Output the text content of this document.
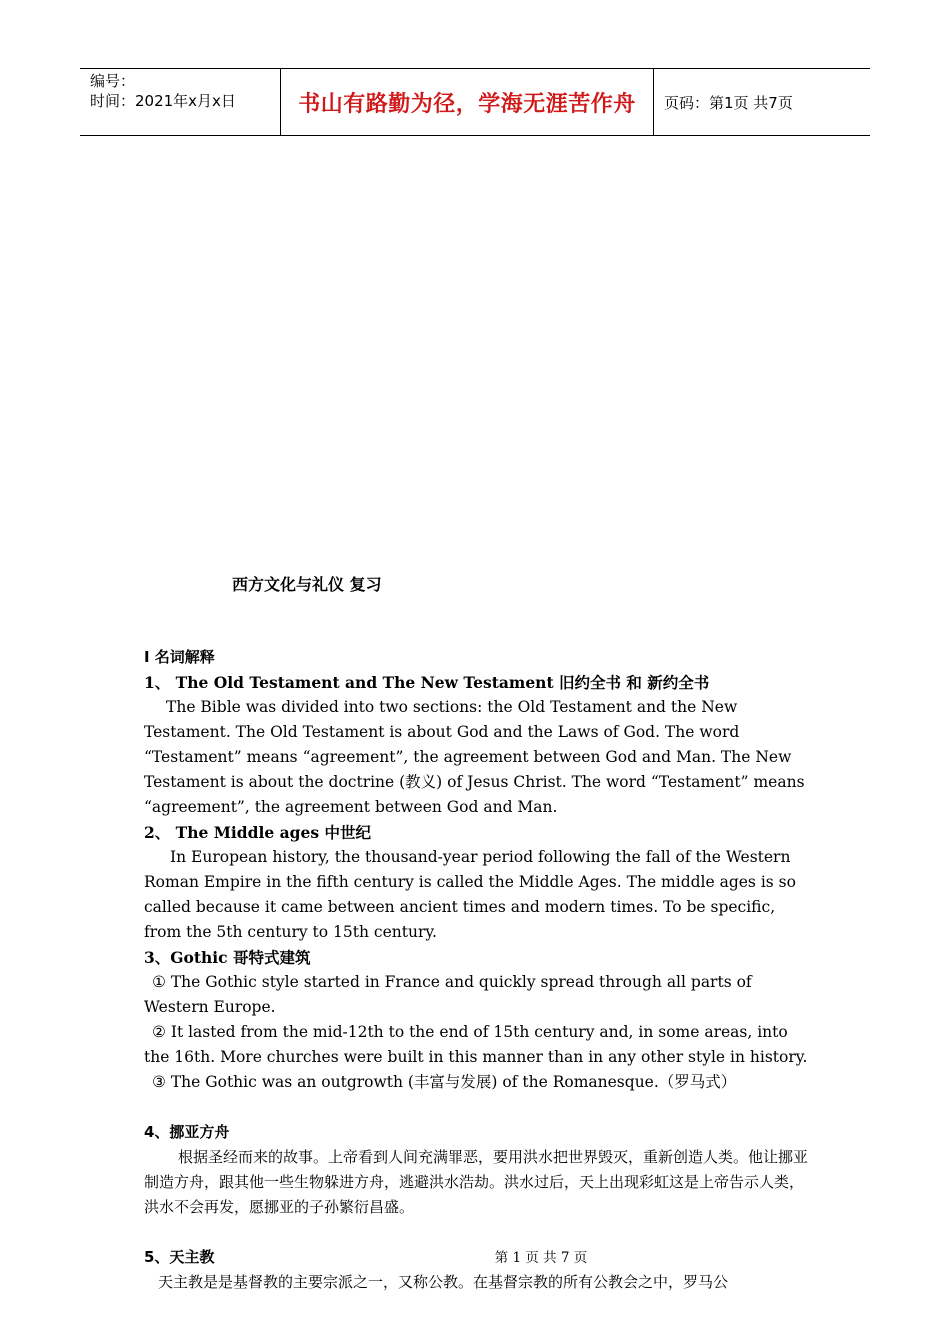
编号：
时间：2021年x月x日	书山有路勤为径，学海无涯苦作舟 页码：第1页 共7页
西方文化与礼仪 复习

I 名词解释

1、 The Old Testament and The New Testament 旧约全书 和 新约全书

The Bible was divided into two sections: the Old Testament and the New Testament. The Old Testament is about God and the Laws of God. The word “Testament” means “agreement”, the agreement between God and Man. The New Testament is about the doctrine (教义) of Jesus Christ. The word “Testament” means “agreement”, the agreement between God and Man.

2、 The Middle ages 中世纪

In European history, the thousand-year period following the fall of the Western Roman Empire in the fifth century is called the Middle Ages. The middle ages is so called because it came between ancient times and modern times. To be specific, from the 5th century to 15th century.

3、Gothic 哥特式建筑

① The Gothic style started in France and quickly spread through all parts of Western Europe.

② It lasted from the mid-12th to the end of 15th century and, in some areas, into the 16th. More churches were built in this manner than in any other style in history.

③ The Gothic was an outgrowth (丰富与发展) of the Romanesque.（罗马式）

4、挪亚方舟

根据圣经而来的故事。上帝看到人间充满罪恶，要用洪水把世界毁灭，重新创造人类。他让挪亚制造方舟，跟其他一些生物躲进方舟，逃避洪水浩劫。洪水过后，天上出现彩虹这是上帝告示人类，洪水不会再发，愿挪亚的子孙繁衍昌盛。

5、天主教

天主教是是基督教的主要宗派之一，又称公教。在基督宗教的所有公教会之中，罗马公

第 1 页 共 7 页
